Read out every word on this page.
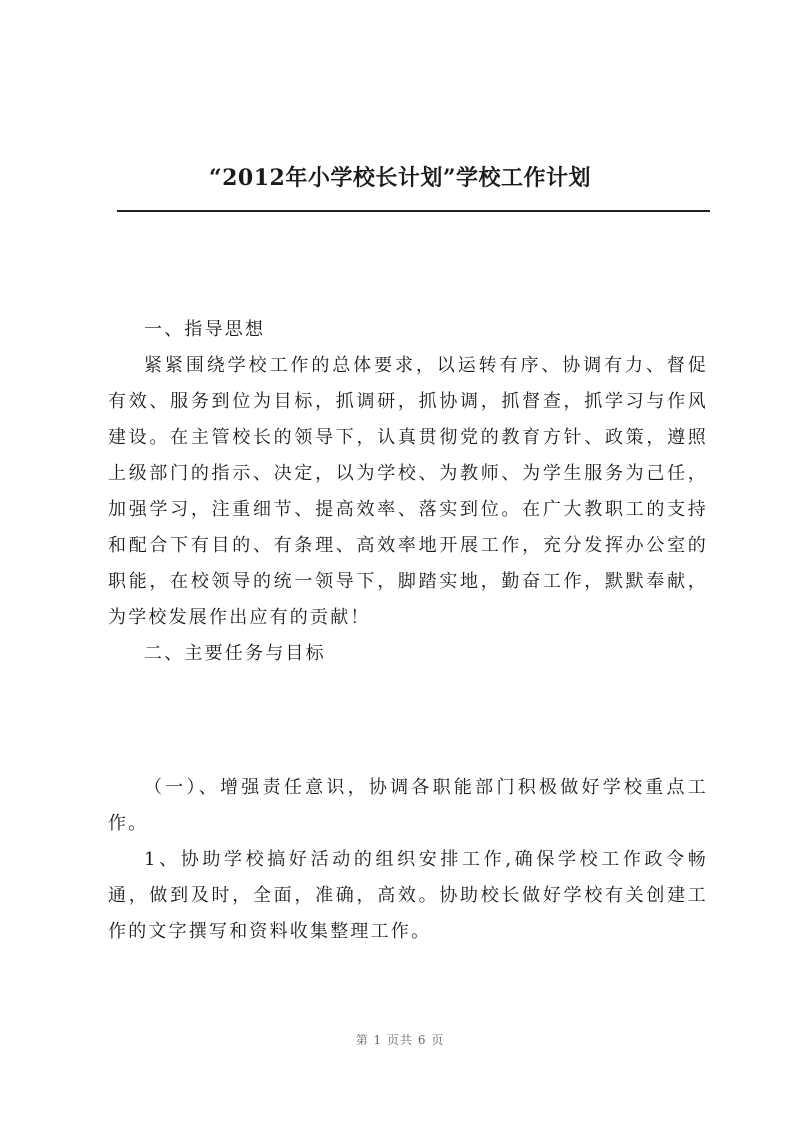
“2012年小学校长计划”学校工作计划

一、指导思想

紧紧围绕学校工作的总体要求，以运转有序、协调有力、督促有效、服务到位为目标，抓调研，抓协调，抓督查，抓学习与作风建设。在主管校长的领导下，认真贯彻党的教育方针、政策，遵照上级部门的指示、决定，以为学校、为教师、为学生服务为己任，加强学习，注重细节、提高效率、落实到位。在广大教职工的支持和配合下有目的、有条理、高效率地开展工作，充分发挥办公室的职能，在校领导的统一领导下，脚踏实地，勤奋工作，默默奉献，为学校发展作出应有的贡献！

二、主要任务与目标

（一）、增强责任意识，协调各职能部门积极做好学校重点工作。

1、协助学校搞好活动的组织安排工作,确保学校工作政令畅通，做到及时，全面，准确，高效。协助校长做好学校有关创建工作的文字撰写和资料收集整理工作。

第 1 页共 6 页
